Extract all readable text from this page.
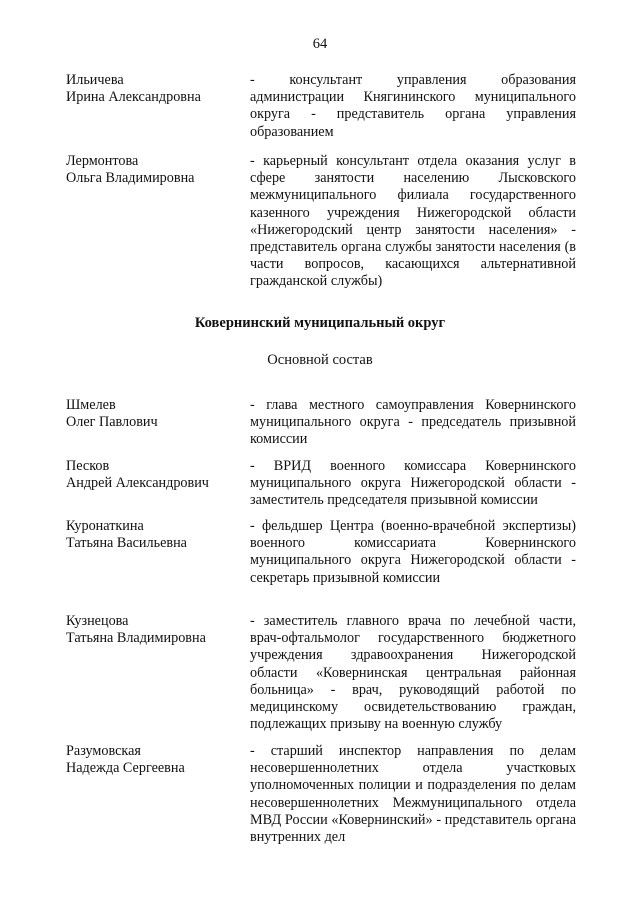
64
Ильичева
Ирина Александровна
- консультант управления образования администрации Княгининского муниципального округа - представитель органа управления образованием
Лермонтова
Ольга Владимировна
- карьерный консультант отдела оказания услуг в сфере занятости населению Лысковского межмуниципального филиала государственного казенного учреждения Нижегородской области «Нижегородский центр занятости населения» - представитель органа службы занятости населения (в части вопросов, касающихся альтернативной гражданской службы)
Ковернинский муниципальный округ
Основной состав
Шмелев
Олег Павлович
- глава местного самоуправления Ковернинского муниципального округа - председатель призывной комиссии
Песков
Андрей Александрович
- ВРИД военного комиссара Ковернинского муниципального округа Нижегородской области - заместитель председателя призывной комиссии
Куронаткина
Татьяна Васильевна
- фельдшер Центра (военно-врачебной экспертизы) военного комиссариата Ковернинского муниципального округа Нижегородской области - секретарь призывной комиссии
Кузнецова
Татьяна Владимировна
- заместитель главного врача по лечебной части, врач-офтальмолог государственного бюджетного учреждения здравоохранения Нижегородской области «Ковернинская центральная районная больница» - врач, руководящий работой по медицинскому освидетельствованию граждан, подлежащих призыву на военную службу
Разумовская
Надежда Сергеевна
- старший инспектор направления по делам несовершеннолетних отдела участковых уполномоченных полиции и подразделения по делам несовершеннолетних Межмуниципального отдела МВД России «Ковернинский» - представитель органа внутренних дел
